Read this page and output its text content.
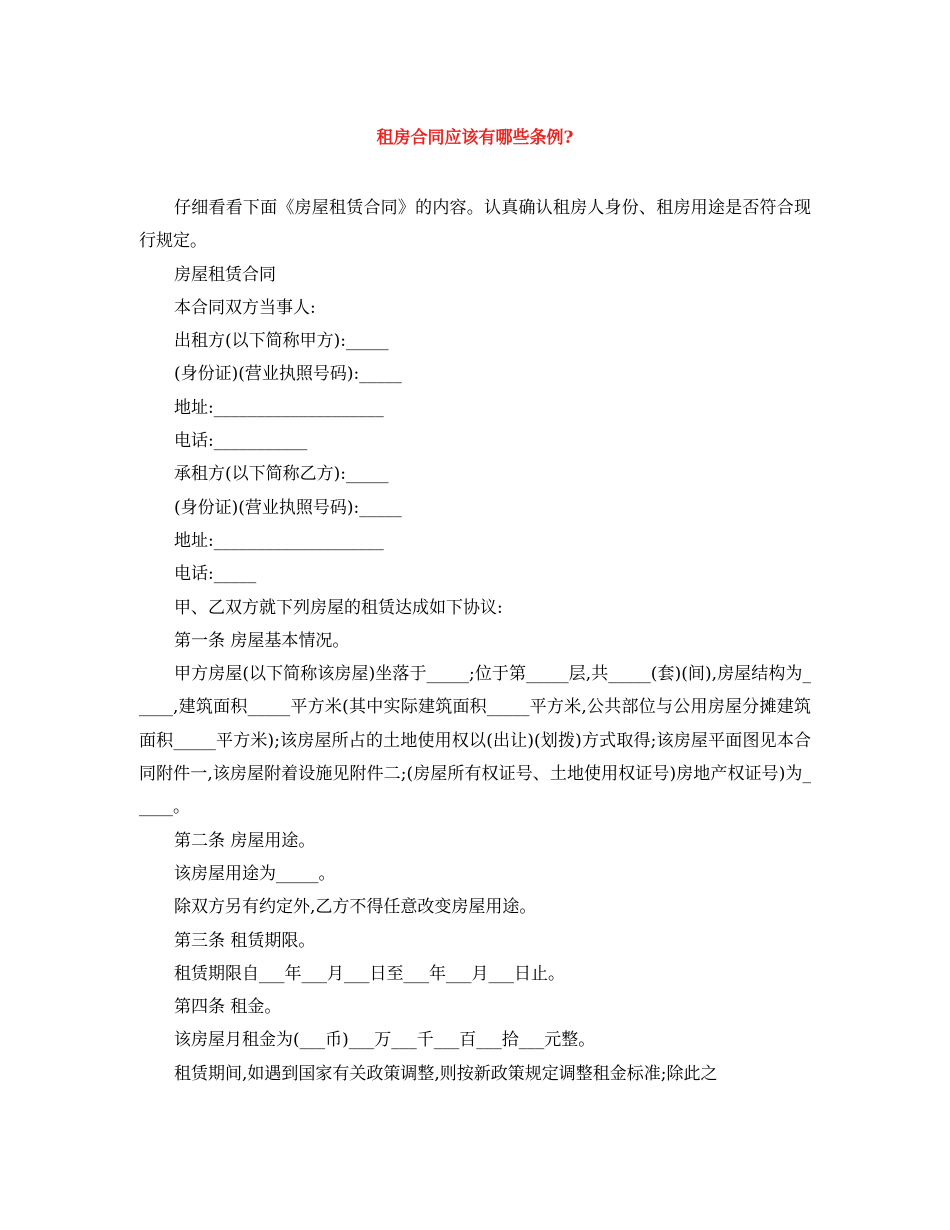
租房合同应该有哪些条例?

仔细看看下面《房屋租赁合同》的内容。认真确认租房人身份、租房用途是否符合现行规定。

房屋租赁合同

本合同双方当事人:

出租方(以下简称甲方):_____

(身份证)(营业执照号码):_____

地址:____________________

电话:___________

承租方(以下简称乙方):_____

(身份证)(营业执照号码):_____

地址:____________________

电话:_____

甲、乙双方就下列房屋的租赁达成如下协议:

第一条 房屋基本情况。

甲方房屋(以下简称该房屋)坐落于_____;位于第_____层,共_____(套)(间),房屋结构为_____,建筑面积_____平方米(其中实际建筑面积_____平方米,公共部位与公用房屋分摊建筑面积_____平方米);该房屋所占的土地使用权以(出让)(划拨)方式取得;该房屋平面图见本合同附件一,该房屋附着设施见附件二;(房屋所有权证号、土地使用权证号)房地产权证号)为_____。

第二条 房屋用途。

该房屋用途为_____。

除双方另有约定外,乙方不得任意改变房屋用途。

第三条 租赁期限。

租赁期限自___年___月___日至___年___月___日止。

第四条 租金。

该房屋月租金为(___币)___万___千___百___拾___元整。

租赁期间,如遇到国家有关政策调整,则按新政策规定调整租金标准;除此之
